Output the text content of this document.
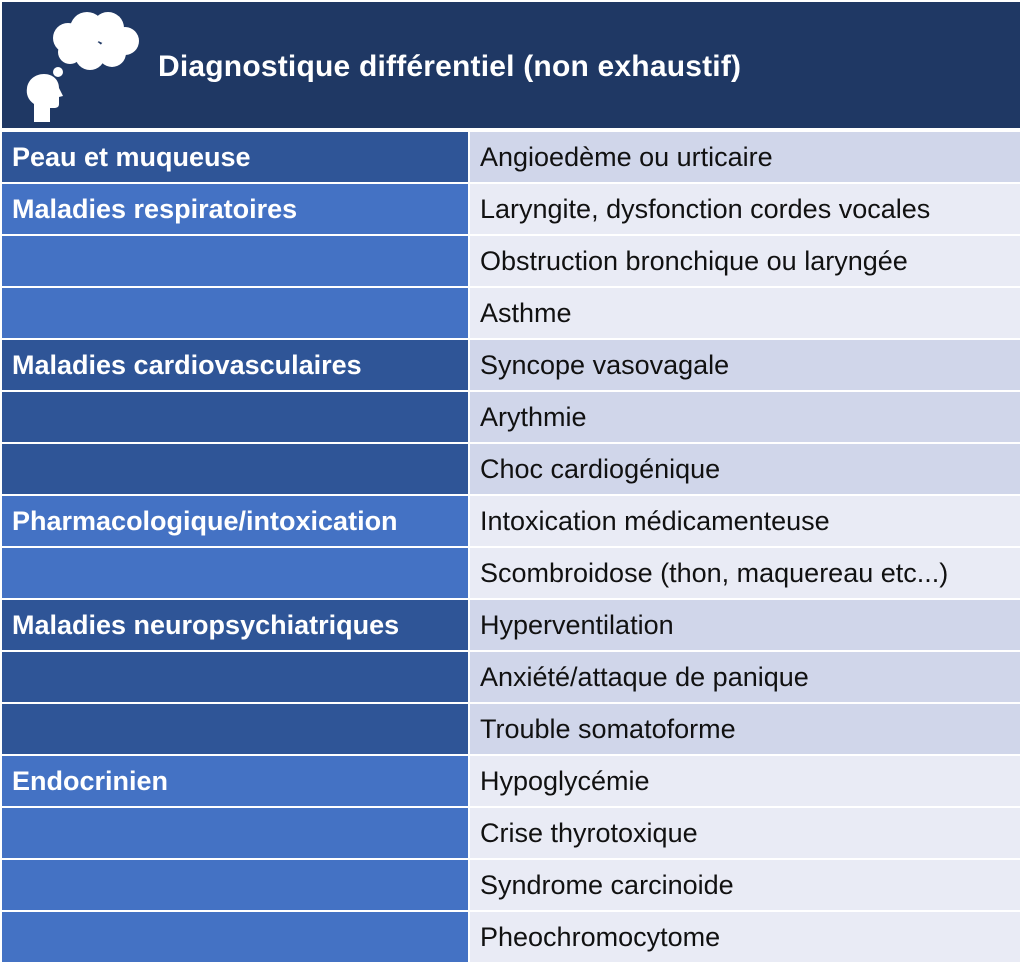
Diagnostique différentiel (non exhaustif)
Peau et muqueuse	Angioedème ou urticaire
Maladies respiratoires	Laryngite, dysfonction cordes vocales
	Obstruction bronchique ou laryngée
	Asthme
Maladies cardiovasculaires	Syncope vasovagale
	Arythmie
	Choc cardiogénique
Pharmacologique/intoxication	Intoxication médicamenteuse
	Scombroidose (thon, maquereau etc...)
Maladies neuropsychiatriques	Hyperventilation
	Anxiété/attaque de panique
	Trouble somatoforme
Endocrinien	Hypoglycémie
	Crise thyrotoxique
	Syndrome carcinoide
	Pheochromocytome
